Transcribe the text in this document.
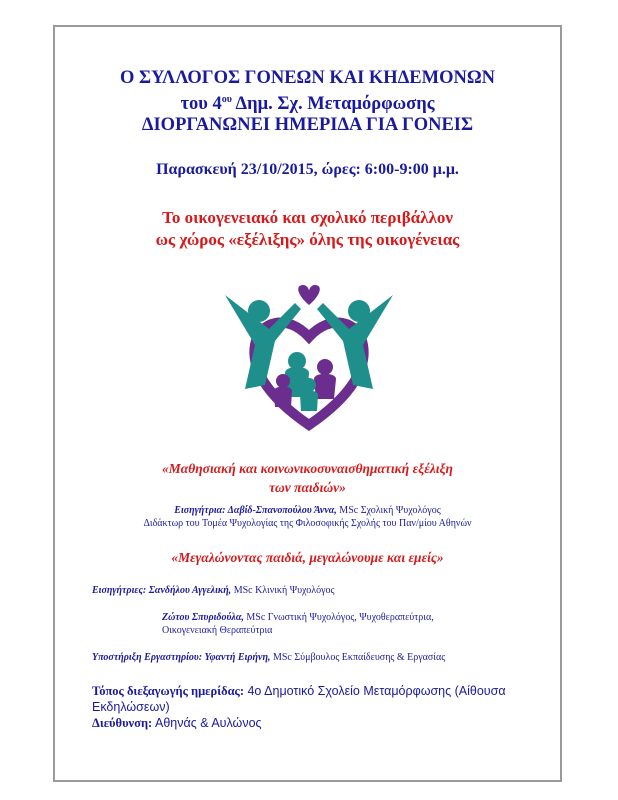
Ο ΣΥΛΛΟΓΟΣ ΓΟΝΕΩΝ ΚΑΙ ΚΗΔΕΜΟΝΩΝ
του $4^{o\upsilon}$ Δημ. Σχ. Μεταμόρφωσης
ΔΙΟΡΓΑΝΩΝΕΙ ΗΜΕΡΙΔΑ ΓΙΑ ΓΟΝΕΙΣ
Παρασκευή 23/10/2015, ώρες: 6:00-9:00 μ.μ.
Το οικογενειακό και σχολικό περιβάλλον
ως χώρος «εξέλιξης» όλης της οικογένειας
«Μαθησιακή και κοινωνικοσυναισθηματική εξέλιξη
των παιδιών»
Εισηγήτρια: Δαβίδ-Σπανοπούλου Άννα, MSc Σχολική Ψυχολόγος
Διδάκτωρ του Τομέα Ψυχολογίας της Φιλοσοφικής Σχολής του Παν/μίου Αθηνών
«Μεγαλώνοντας παιδιά, μεγαλώνουμε και εμείς»
Εισηγήτριες: Σανδήλου Αγγελική, MSc Κλινική Ψυχολόγος
Ζώτου Σπυριδούλα, MSc Γνωστική Ψυχολόγος, Ψυχοθεραπεύτρια,
Οικογενειακή Θεραπεύτρια
Υποστήριξη Εργαστηρίου: Υφαντή Ειρήνη, MSc Σύμβουλος Εκπαίδευσης & Εργασίας
Τόπος διεξαγωγής ημερίδας: 4ο Δημοτικό Σχολείο Μεταμόρφωσης (Αίθουσα
Εκδηλώσεων)
Διεύθυνση: Αθηνάς & Αυλώνος
